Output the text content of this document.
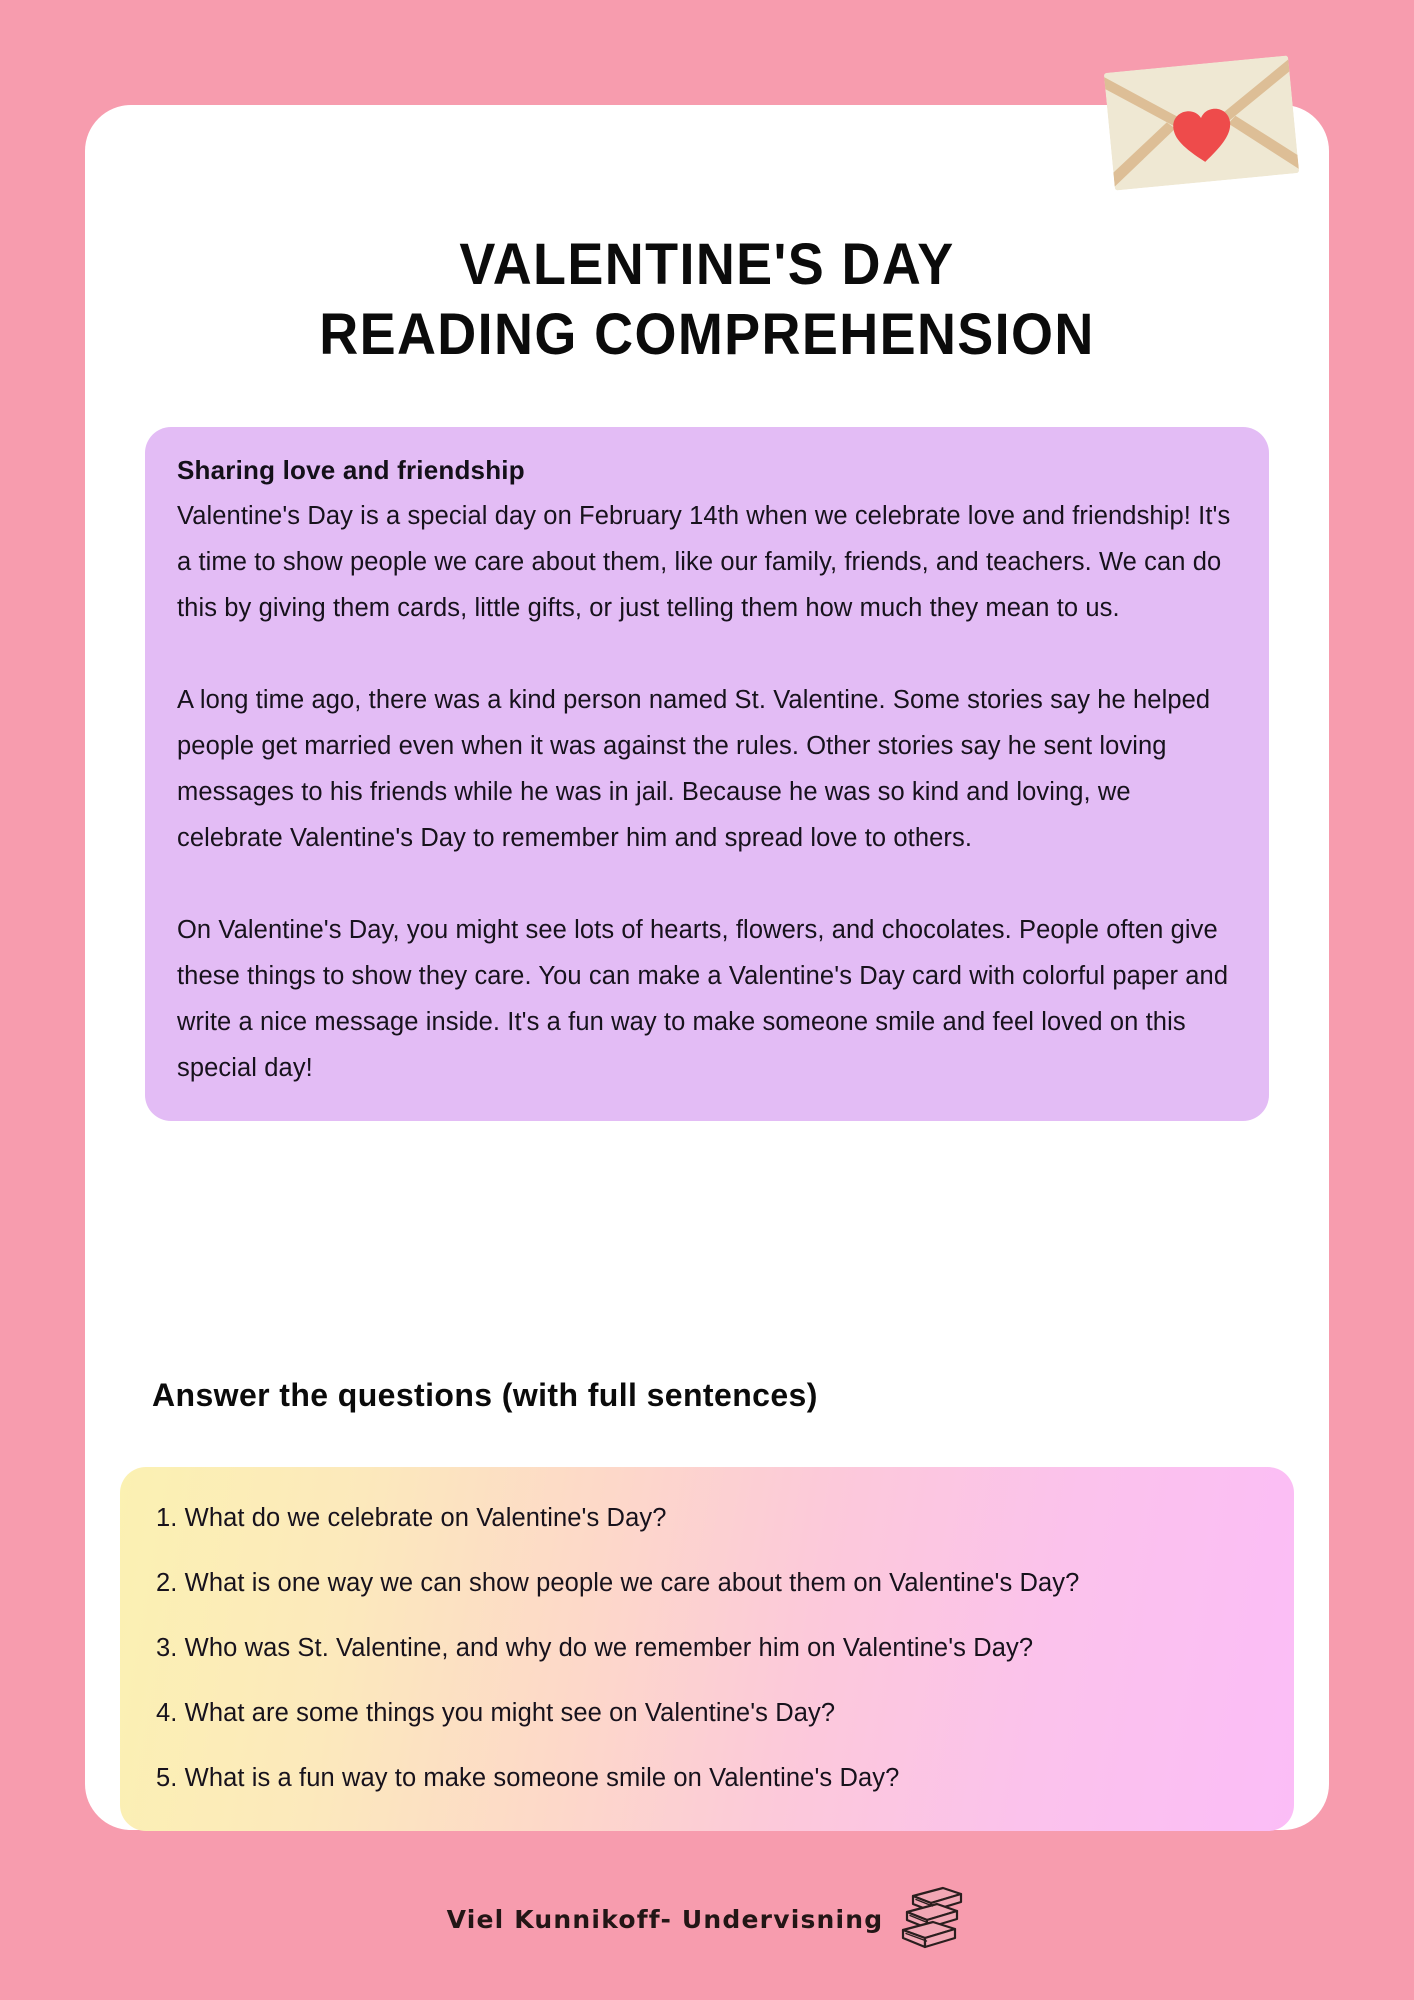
VALENTINE'S DAY
READING COMPREHENSION
Sharing love and friendship

Valentine's Day is a special day on February 14th when we celebrate love and friendship! It's a time to show people we care about them, like our family, friends, and teachers. We can do this by giving them cards, little gifts, or just telling them how much they mean to us.

A long time ago, there was a kind person named St. Valentine. Some stories say he helped people get married even when it was against the rules. Other stories say he sent loving messages to his friends while he was in jail. Because he was so kind and loving, we celebrate Valentine's Day to remember him and spread love to others.

On Valentine's Day, you might see lots of hearts, flowers, and chocolates. People often give these things to show they care. You can make a Valentine's Day card with colorful paper and write a nice message inside. It's a fun way to make someone smile and feel loved on this special day!

Answer the questions (with full sentences)
1. What do we celebrate on Valentine's Day?
2. What is one way we can show people we care about them on Valentine's Day?
3. Who was St. Valentine, and why do we remember him on Valentine's Day?
4. What are some things you might see on Valentine's Day?
5. What is a fun way to make someone smile on Valentine's Day?
Viel Kunnikoff- Undervisning
